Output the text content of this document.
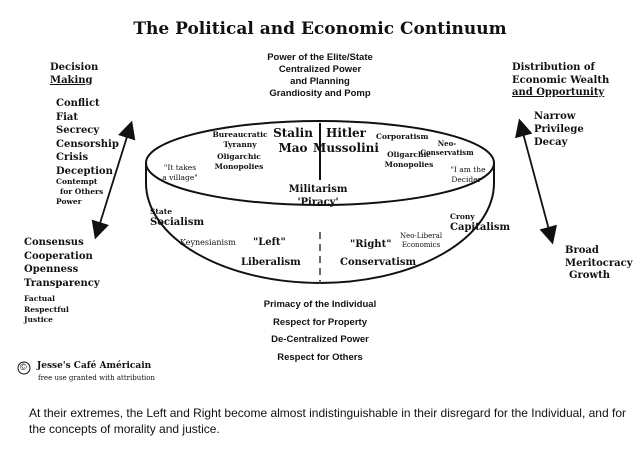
The Political and Economic Continuum
Power of the Elite/State
Centralized Power
and Planning
Grandiosity and Pomp
Decision
Making
Conflict
Fiat
Secrecy
Censorship
Crisis
Deception
Contempt
for Others
Power
Consensus
Cooperation
Openness
Transparency
Factual
Respectful
Justice
Distribution of
Economic Wealth
and Opportunity
Narrow
Privilege
Decay
Broad
Meritocracy
Growth
Bureaucratic
Tyranny
Stalin
Mao
Hitler
Mussolini
Corporatism
Neo-
Conservatism
Oligarchic
Monopolies
Oligarchic
Monopolies
"It takes
a village"
"I am the
Decider"
Militarism
'Piracy'
State
Socialism
Crony
Capitalism
Keynesianism "Left"
Liberalism
"Right"
Conservatism
Neo-Liberal
Economics
Primacy of the Individual
Respect for Property
De-Centralized Power
Respect for Others
© Jesse's Café Américain
free use granted with attribution
At their extremes, the Left and Right become almost indistinguishable in their disregard for the Individual, and for the concepts of morality and justice.
